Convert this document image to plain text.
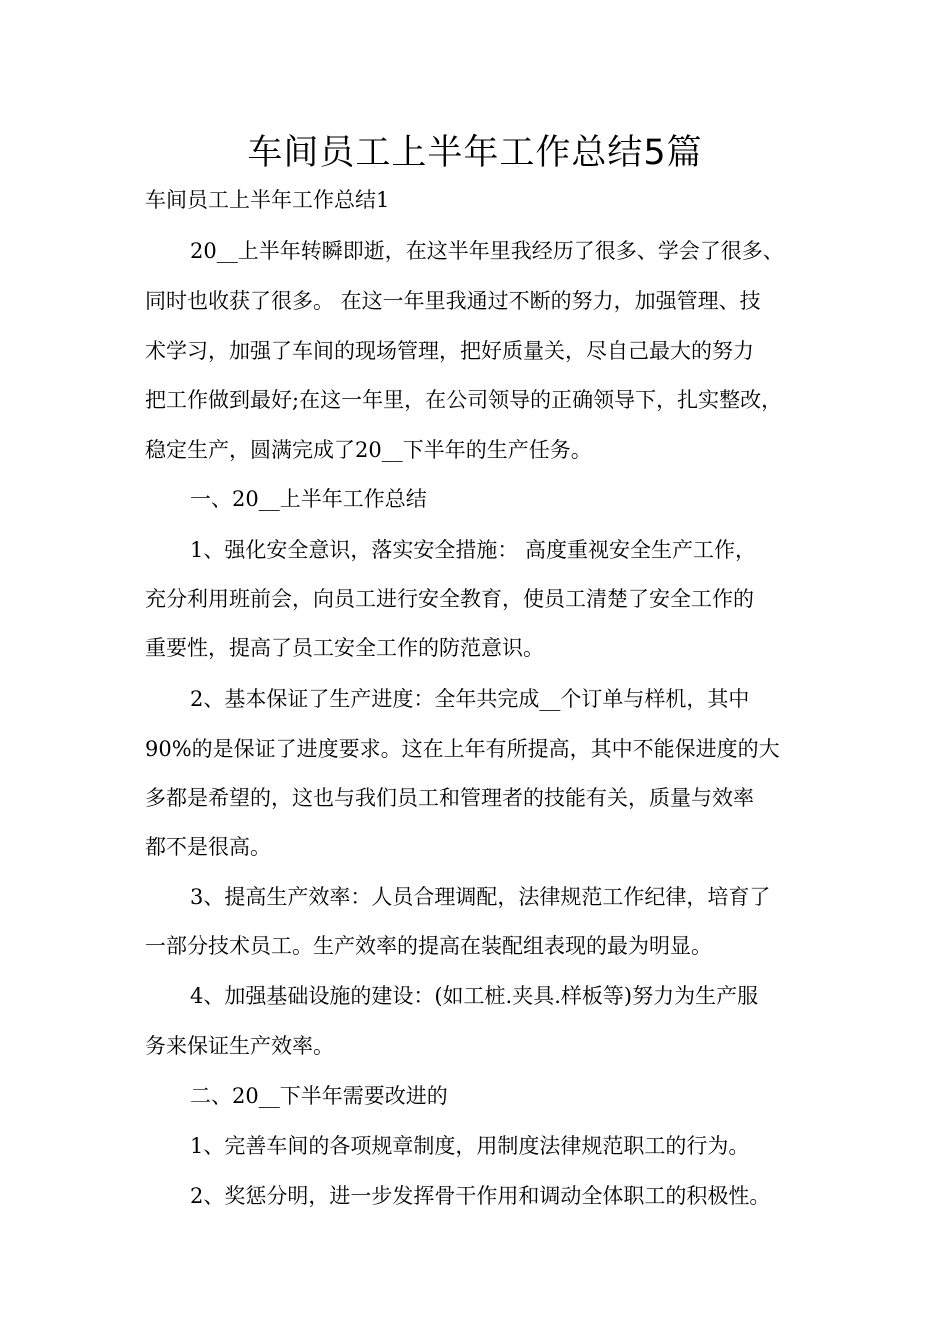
车间员工上半年工作总结5篇

车间员工上半年工作总结1

20__上半年转瞬即逝，在这半年里我经历了很多、学会了很多、

同时也收获了很多。 在这一年里我通过不断的努力，加强管理、技

术学习，加强了车间的现场管理，把好质量关，尽自己最大的努力

把工作做到最好;在这一年里，在公司领导的正确领导下，扎实整改，

稳定生产，圆满完成了20__下半年的生产任务。

一、20__上半年工作总结

1、强化安全意识，落实安全措施： 高度重视安全生产工作，

充分利用班前会，向员工进行安全教育，使员工清楚了安全工作的

重要性，提高了员工安全工作的防范意识。

2、基本保证了生产进度：全年共完成__个订单与样机，其中

90%的是保证了进度要求。这在上年有所提高，其中不能保进度的大

多都是希望的，这也与我们员工和管理者的技能有关，质量与效率

都不是很高。

3、提高生产效率：人员合理调配，法律规范工作纪律，培育了

一部分技术员工。生产效率的提高在装配组表现的最为明显。

4、加强基础设施的建设：(如工桩.夹具.样板等)努力为生产服

务来保证生产效率。

二、20__下半年需要改进的

1、完善车间的各项规章制度，用制度法律规范职工的行为。

2、奖惩分明，进一步发挥骨干作用和调动全体职工的积极性。
